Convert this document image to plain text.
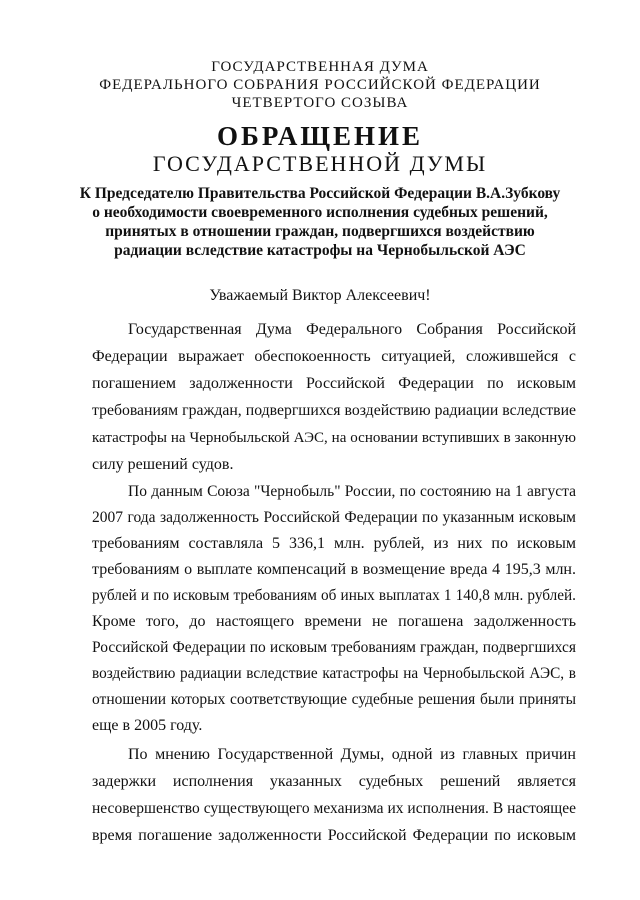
ГОСУДАРСТВЕННАЯ ДУМА
ФЕДЕРАЛЬНОГО СОБРАНИЯ РОССИЙСКОЙ ФЕДЕРАЦИИ
ЧЕТВЕРТОГО СОЗЫВА
ОБРАЩЕНИЕ
ГОСУДАРСТВЕННОЙ ДУМЫ
К Председателю Правительства Российской Федерации В.А.Зубкову
о необходимости своевременного исполнения судебных решений,
принятых в отношении граждан, подвергшихся воздействию
радиации вследствие катастрофы на Чернобыльской АЭС
Уважаемый Виктор Алексеевич!
Государственная Дума Федерального Собрания Российской
Федерации выражает обеспокоенность ситуацией, сложившейся с
погашением задолженности Российской Федерации по исковым
требованиям граждан, подвергшихся воздействию радиации вследствие
катастрофы на Чернобыльской АЭС, на основании вступивших в законную
силу решений судов.
По данным Союза "Чернобыль" России, по состоянию на 1 августа
2007 года задолженность Российской Федерации по указанным исковым
требованиям составляла 5 336,1 млн. рублей, из них по исковым
требованиям о выплате компенсаций в возмещение вреда 4 195,3 млн.
рублей и по исковым требованиям об иных выплатах 1 140,8 млн. рублей.
Кроме того, до настоящего времени не погашена задолженность
Российской Федерации по исковым требованиям граждан, подвергшихся
воздействию радиации вследствие катастрофы на Чернобыльской АЭС, в
отношении которых соответствующие судебные решения были приняты
еще в 2005 году.
По мнению Государственной Думы, одной из главных причин
задержки исполнения указанных судебных решений является
несовершенство существующего механизма их исполнения. В настоящее
время погашение задолженности Российской Федерации по исковым
